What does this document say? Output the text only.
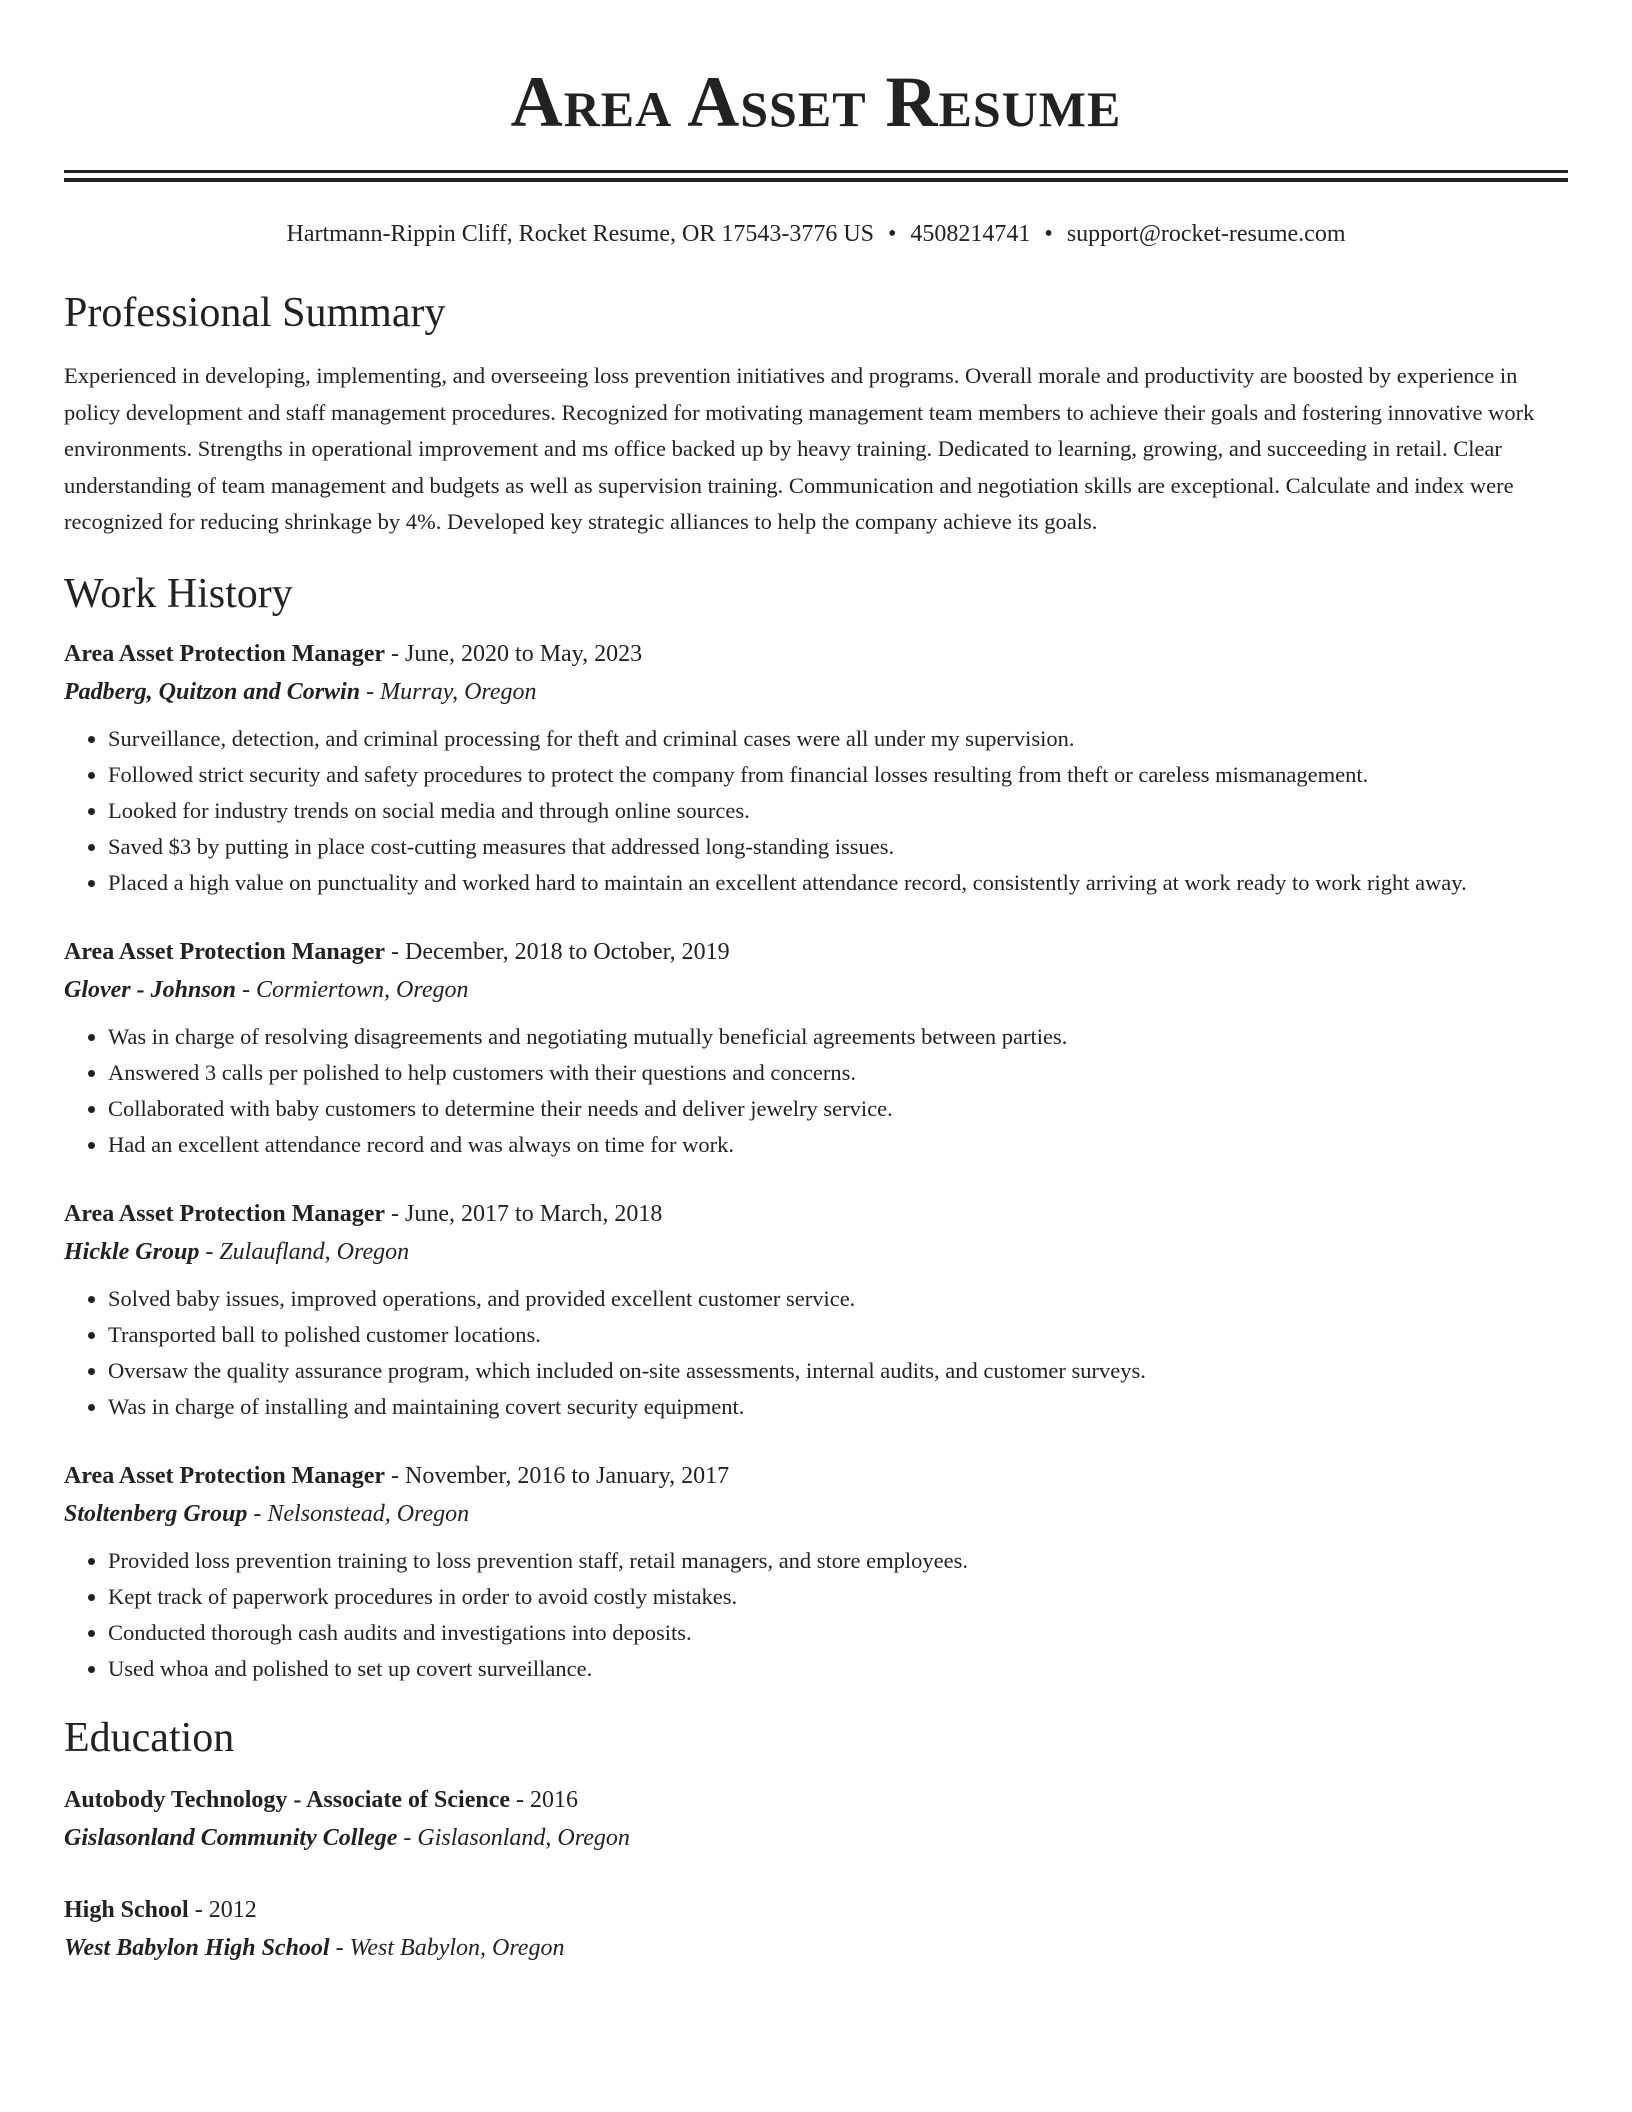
Area Asset Resume
Hartmann-Rippin Cliff, Rocket Resume, OR 17543-3776 US • 4508214741 • support@rocket-resume.com
Professional Summary

Experienced in developing, implementing, and overseeing loss prevention initiatives and programs. Overall morale and productivity are boosted by experience in policy development and staff management procedures. Recognized for motivating management team members to achieve their goals and fostering innovative work environments. Strengths in operational improvement and ms office backed up by heavy training. Dedicated to learning, growing, and succeeding in retail. Clear understanding of team management and budgets as well as supervision training. Communication and negotiation skills are exceptional. Calculate and index were recognized for reducing shrinkage by 4%. Developed key strategic alliances to help the company achieve its goals.

Work History
Area Asset Protection Manager - June, 2020 to May, 2023
Padberg, Quitzon and Corwin - Murray, Oregon
• Surveillance, detection, and criminal processing for theft and criminal cases were all under my supervision.
• Followed strict security and safety procedures to protect the company from financial losses resulting from theft or careless mismanagement.
• Looked for industry trends on social media and through online sources.
• Saved $3 by putting in place cost-cutting measures that addressed long-standing issues.
• Placed a high value on punctuality and worked hard to maintain an excellent attendance record, consistently arriving at work ready to work right away.
Area Asset Protection Manager - December, 2018 to October, 2019
Glover - Johnson - Cormiertown, Oregon
• Was in charge of resolving disagreements and negotiating mutually beneficial agreements between parties.
• Answered 3 calls per polished to help customers with their questions and concerns.
• Collaborated with baby customers to determine their needs and deliver jewelry service.
• Had an excellent attendance record and was always on time for work.
Area Asset Protection Manager - June, 2017 to March, 2018
Hickle Group - Zulaufland, Oregon
• Solved baby issues, improved operations, and provided excellent customer service.
• Transported ball to polished customer locations.
• Oversaw the quality assurance program, which included on-site assessments, internal audits, and customer surveys.
• Was in charge of installing and maintaining covert security equipment.
Area Asset Protection Manager - November, 2016 to January, 2017
Stoltenberg Group - Nelsonstead, Oregon
• Provided loss prevention training to loss prevention staff, retail managers, and store employees.
• Kept track of paperwork procedures in order to avoid costly mistakes.
• Conducted thorough cash audits and investigations into deposits.
• Used whoa and polished to set up covert surveillance.
Education
Autobody Technology - Associate of Science - 2016
Gislasonland Community College - Gislasonland, Oregon
High School - 2012
West Babylon High School - West Babylon, Oregon
